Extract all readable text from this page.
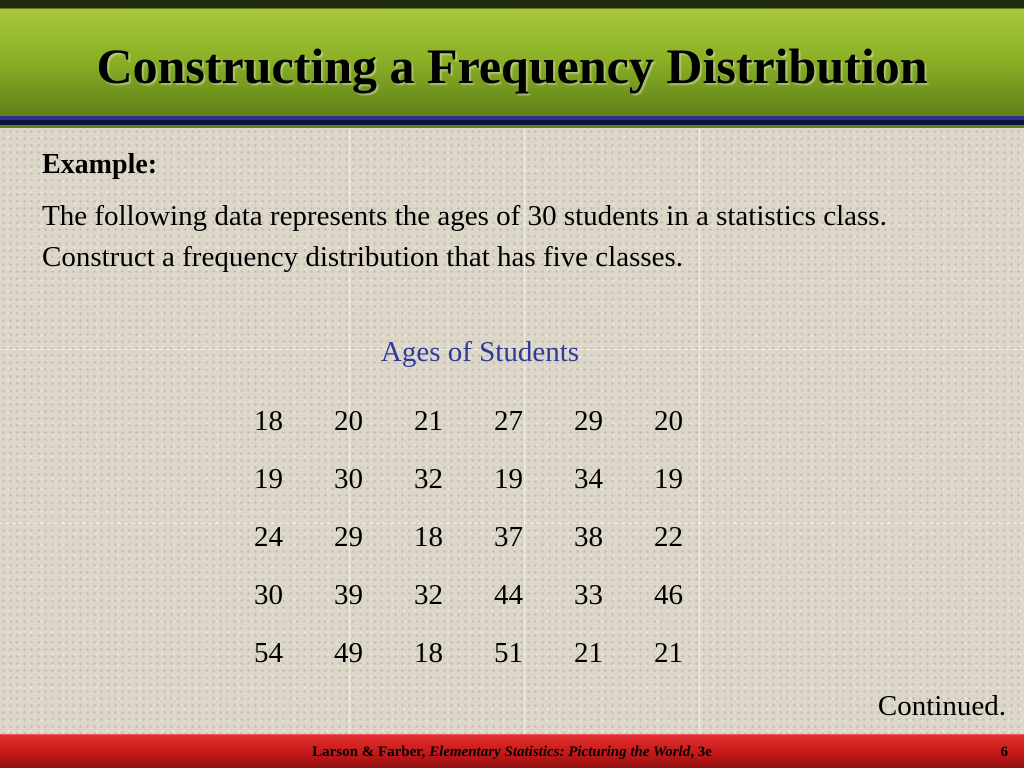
Constructing a Frequency Distribution
Example:
The following data represents the ages of 30 students in a statistics class. Construct a frequency distribution that has five classes.
Ages of Students
18	20	21	27	29	20
19	30	32	19	34	19
24	29	18	37	38	22
30	39	32	44	33	46
54	49	18	51	21	21
Continued.
Larson & Farber, Elementary Statistics: Picturing the World, 3e	6
